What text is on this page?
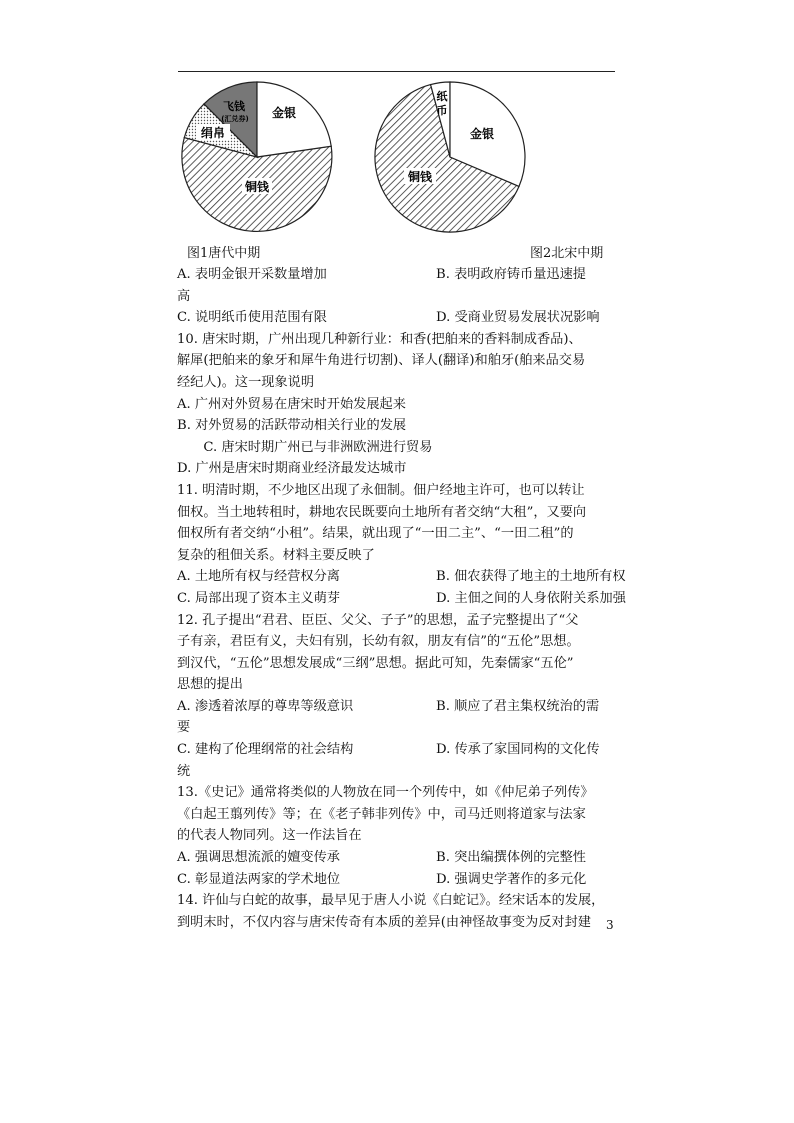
铜钱
绢帛
飞钱
(汇兑券) 金银
铜钱
纸
币
金银
图1唐代中期	图2北宋中期
A. 表明金银开采数量增加	B. 表明政府铸币量迅速提
高
C. 说明纸币使用范围有限	D. 受商业贸易发展状况影响
10. 唐宋时期，广州出现几种新行业：和香(把舶来的香料制成香品)、
解犀(把舶来的象牙和犀牛角进行切割)、译人(翻译)和舶牙(舶来品交易
经纪人)。这一现象说明
A. 广州对外贸易在唐宋时开始发展起来
B. 对外贸易的活跃带动相关行业的发展
　　C. 唐宋时期广州已与非洲欧洲进行贸易
D. 广州是唐宋时期商业经济最发达城市
11. 明清时期，不少地区出现了永佃制。佃户经地主许可，也可以转让
佃权。当土地转租时，耕地农民既要向土地所有者交纳“大租”，又要向
佃权所有者交纳“小租”。结果，就出现了“一田二主”、“一田二租”的
复杂的租佃关系。材料主要反映了
A. 土地所有权与经营权分离	B. 佃农获得了地主的土地所有权
C. 局部出现了资本主义萌芽	D. 主佃之间的人身依附关系加强
12. 孔子提出“君君、臣臣、父父、子子”的思想，孟子完整提出了“父
子有亲，君臣有义，夫妇有别，长幼有叙，朋友有信”的“五伦”思想。
到汉代，“五伦”思想发展成“三纲”思想。据此可知，先秦儒家“五伦”
思想的提出
A. 渗透着浓厚的尊卑等级意识	B. 顺应了君主集权统治的需
要
C. 建构了伦理纲常的社会结构	D. 传承了家国同构的文化传
统
13.《史记》通常将类似的人物放在同一个列传中，如《仲尼弟子列传》
《白起王翦列传》等；在《老子韩非列传》中，司马迁则将道家与法家
的代表人物同列。这一作法旨在
A. 强调思想流派的嬗变传承	B. 突出编撰体例的完整性
C. 彰显道法两家的学术地位	D. 强调史学著作的多元化
14. 许仙与白蛇的故事，最早见于唐人小说《白蛇记》。经宋话本的发展，
到明末时，不仅内容与唐宋传奇有本质的差异(由神怪故事变为反对封建	3
